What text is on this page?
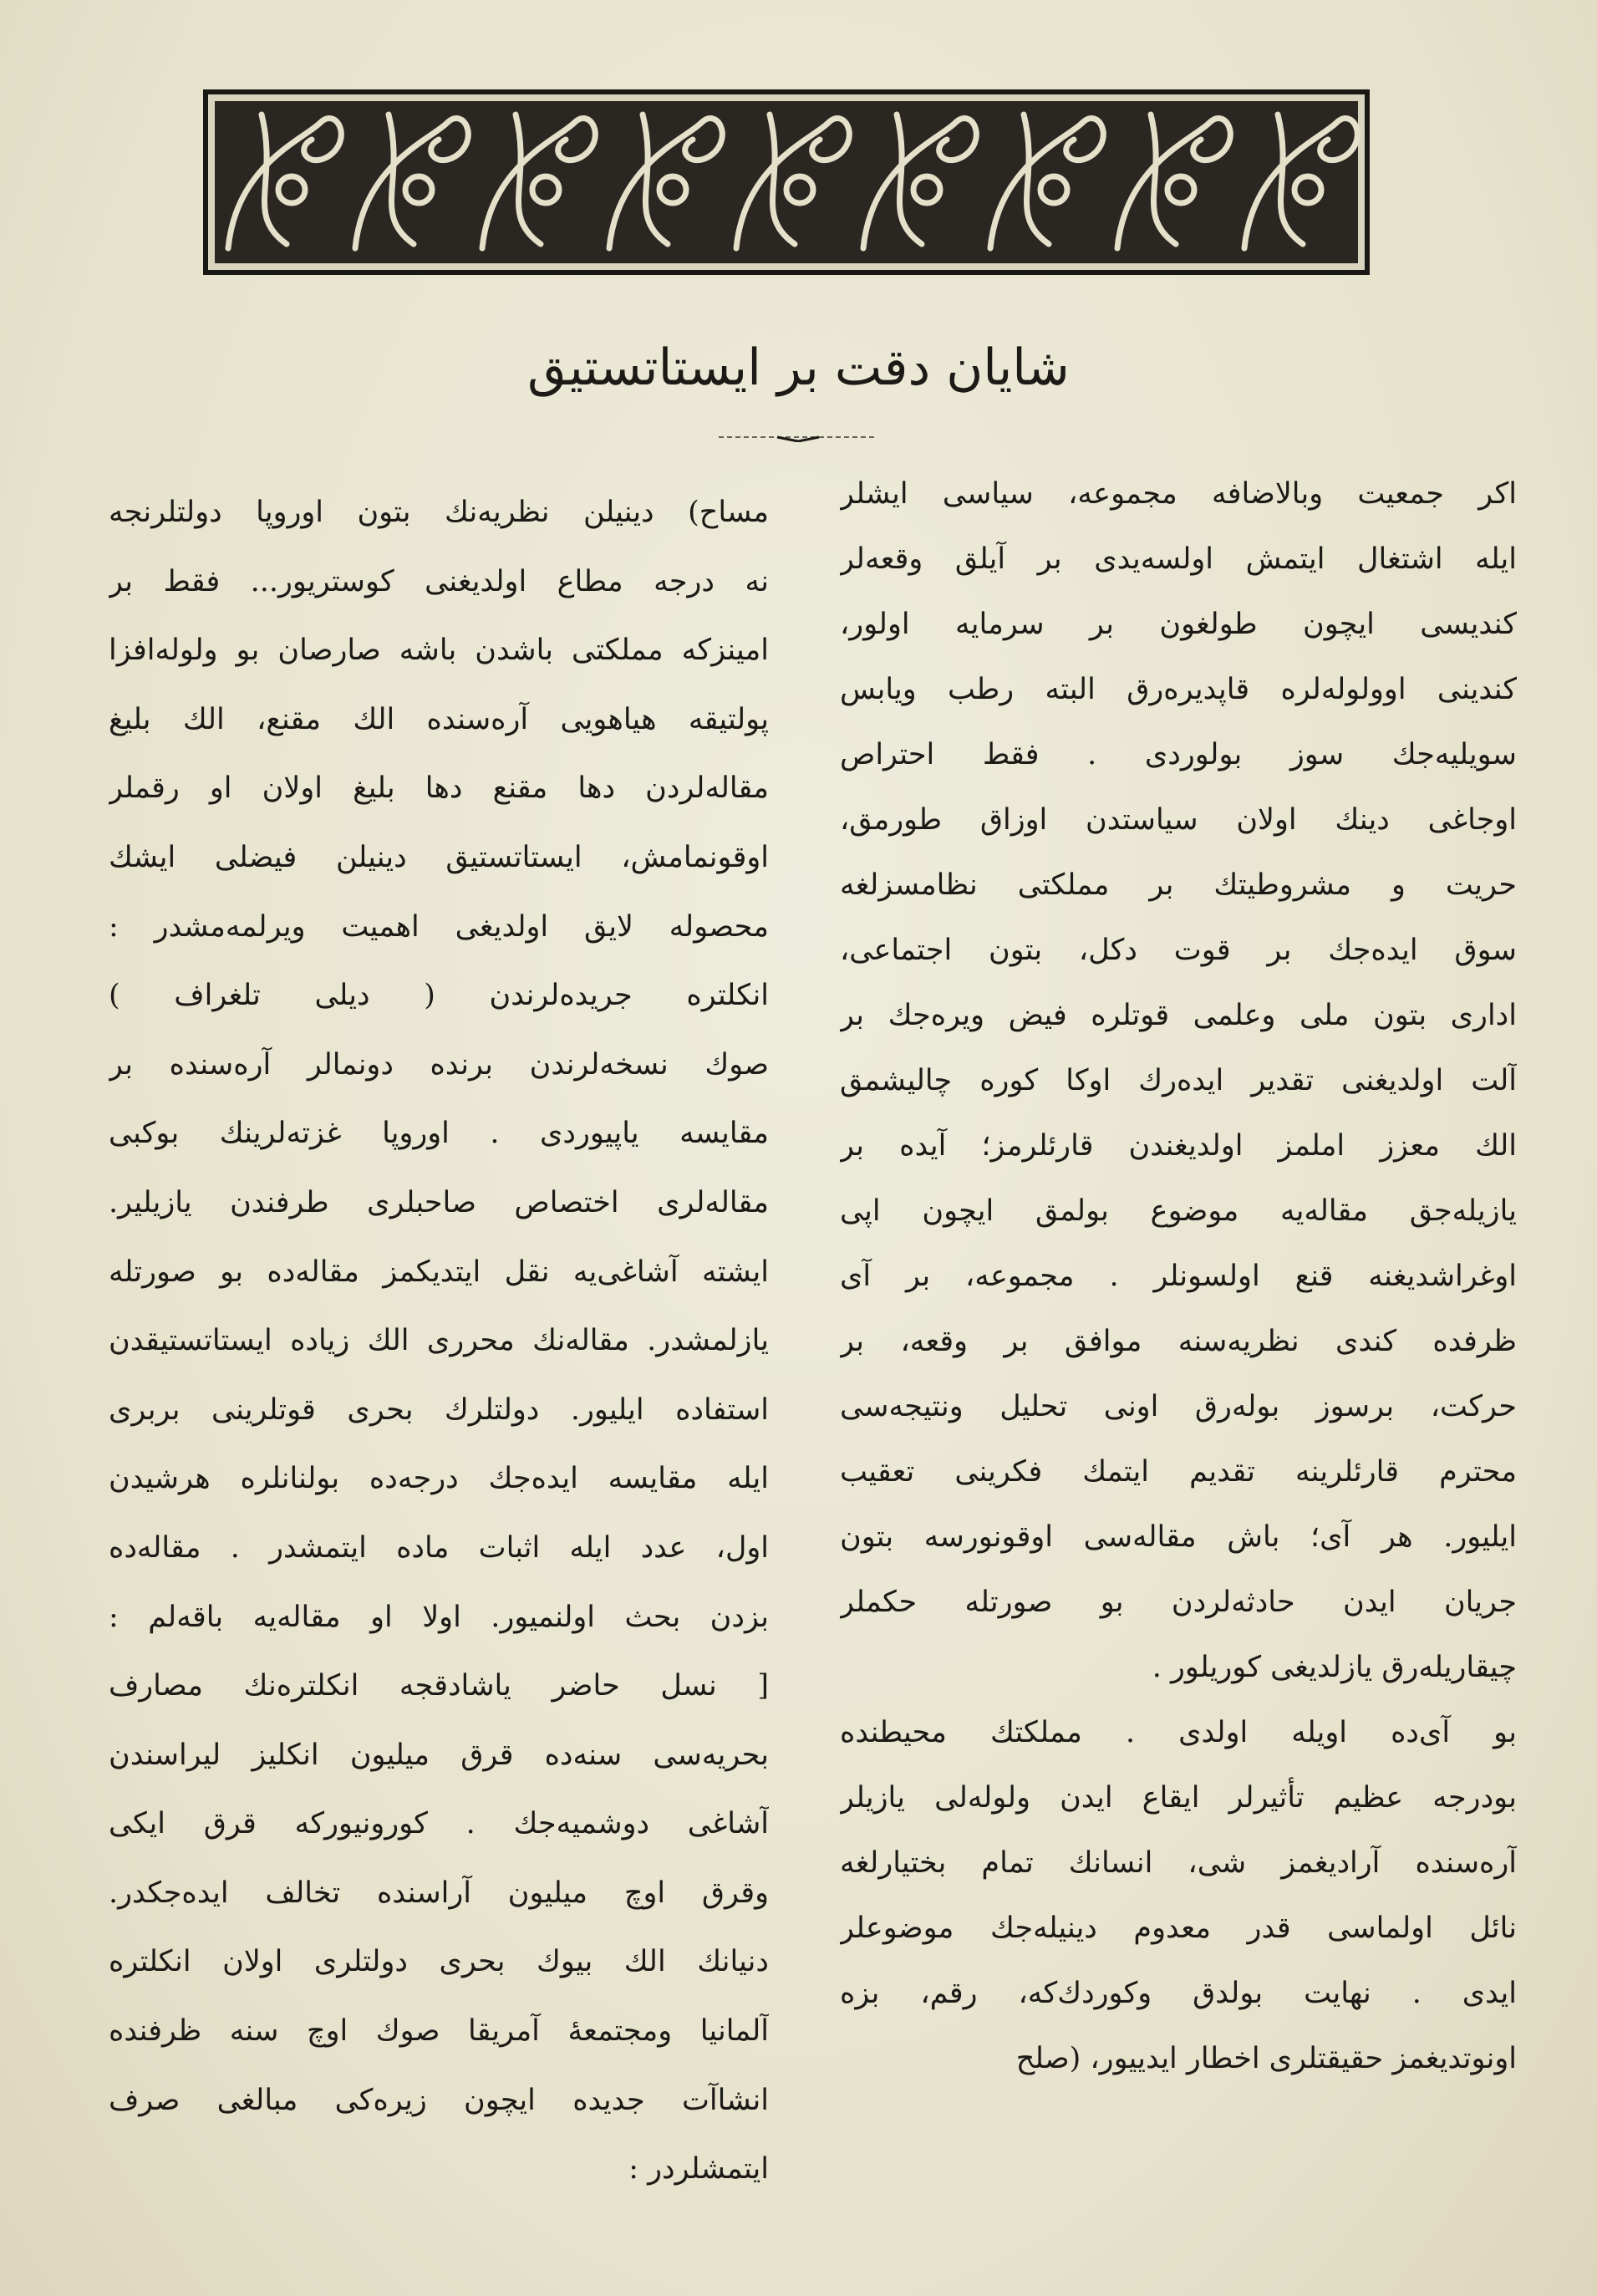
شایان دقت بر ایستاتستیق
اکر جمعیت وبالاضافه مجموعه، سیاسی ایشلر
ایله اشتغال ایتمش اولسه‌یدی بر آیلق وقعه‌لر
کندیسی ایچون طولغون بر سرمایه اولور،
کندینی اوولوله‌لره قاپدیره‌رق البته رطب ویابس
سویلیه‌جك سوز بولوردی . فقط احتراص
اوجاغی دینك اولان سیاستدن اوزاق طورمق،
حریت و مشروطیتك بر مملکتی نظامسزلغه
سوق ایده‌جك بر قوت دکل، بتون اجتماعی،
اداری بتون ملی وعلمی قوتلره فیض ویره‌جك بر
آلت اولدیغنی تقدیر ایده‌رك اوکا کوره چالیشمق
الك معزز املمز اولدیغندن قارئلرمز؛ آیده بر
یازیله‌جق مقاله‌یه موضوع بولمق ایچون اپی
اوغراشدیغنه قنع اولسونلر . مجموعه، بر آی
ظرفده کندی نظریه‌سنه موافق بر وقعه، بر
حرکت، برسوز بوله‌رق اونی تحلیل ونتیجه‌سی
محترم قارئلرینه تقدیم ایتمك فکرینی تعقیب
ایلیور. هر آی؛ باش مقاله‌سی اوقونورسه بتون
جریان ایدن حادثه‌لردن بو صورتله حکملر
چیقاریله‌رق یازلدیغی کوریلور .
بو آی‌ده اویله اولدی . مملکتك محیطنده
بودرجه عظیم تأثیرلر ایقاع ایدن ولوله‌لی یازیلر
آره‌سنده آرادیغمز شی، انسانك تمام بختیارلغه
نائل اولماسی قدر معدوم دینیله‌جك موضوعلر
ایدی . نهایت بولدق وکوردك‌که، رقم، بزه
اونوتدیغمز حقیقتلری اخطار ایدییور، (صلح
مساح) دینیلن نظریه‌نك بتون اوروپا دولتلرنجه
نه درجه مطاع اولدیغنی کوستریور... فقط بر
امینزکه مملکتی باشدن باشه صارصان بو ولوله‌افزا
پولتیقه هیاهویی آره‌سنده الك مقنع، الك بلیغ
مقاله‌لردن دها مقنع دها بلیغ اولان او رقملر
اوقونمامش، ایستاتستیق دینیلن فیضلی ایشك
محصوله لایق اولدیغی اهمیت ویرلمه‌مشدر :
انکلتره جریده‌لرندن ( دیلی تلغراف )
صوك نسخه‌لرندن برنده دونمالر آره‌سنده بر
مقایسه یاپیوردی . اوروپا غزته‌لرینك بوکبی
مقاله‌لری اختصاص صاحبلری طرفندن یازیلیر.
ایشته آشاغی‌یه نقل ایتدیکمز مقاله‌ده بو صورتله
یازلمشدر. مقاله‌نك محرری الك زیاده ایستاتستیقدن
استفاده ایلیور. دولتلرك بحری قوتلرینی بربری
ایله مقایسه ایده‌جك درجه‌ده بولنانلره هرشیدن
اول، عدد ایله اثبات ماده ایتمشدر . مقاله‌ده
بزدن بحث اولنمیور. اولا او مقاله‌یه باقه‌لم :
[ نسل حاضر یاشادقجه انکلتره‌نك مصارف
بحریه‌سی سنه‌ده قرق میلیون انکلیز لیراسندن
آشاغی دوشمیه‌جك . کورونیورکه قرق ایکی
وقرق اوچ میلیون آراسنده تخالف ایده‌جکدر.
دنیانك الك بیوك بحری دولتلری اولان انکلتره
آلمانیا ومجتمعهٔ آمریقا صوك اوچ سنه ظرفنده
انشاآت جدیده ایچون زیره‌کی مبالغی صرف
ایتمشلردر :
